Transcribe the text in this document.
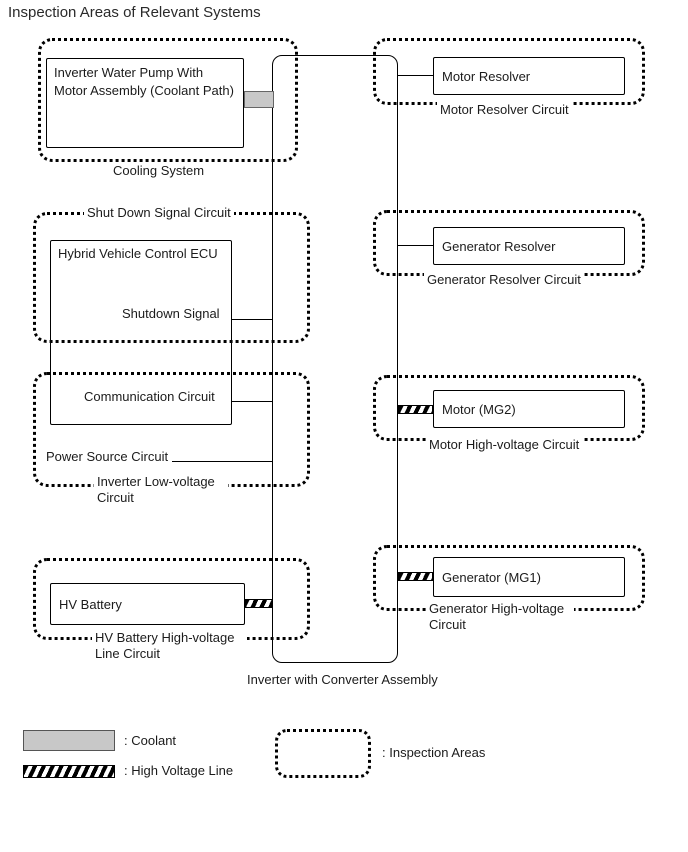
Inspection Areas of Relevant Systems
Inverter with Converter Assembly
Inverter Water Pump With Motor Assembly (Coolant Path)
Cooling System
Shut Down Signal Circuit
Hybrid Vehicle Control ECU
Shutdown Signal
Communication Circuit
Power Source Circuit
Inverter Low-voltage Circuit
HV Battery
HV Battery High-voltage Line Circuit
Motor Resolver
Motor Resolver Circuit
Generator Resolver
Generator Resolver Circuit
Motor (MG2)
Motor High-voltage Circuit
Generator (MG1)
Generator High-voltage Circuit
: Coolant
: High Voltage Line
: Inspection Areas
